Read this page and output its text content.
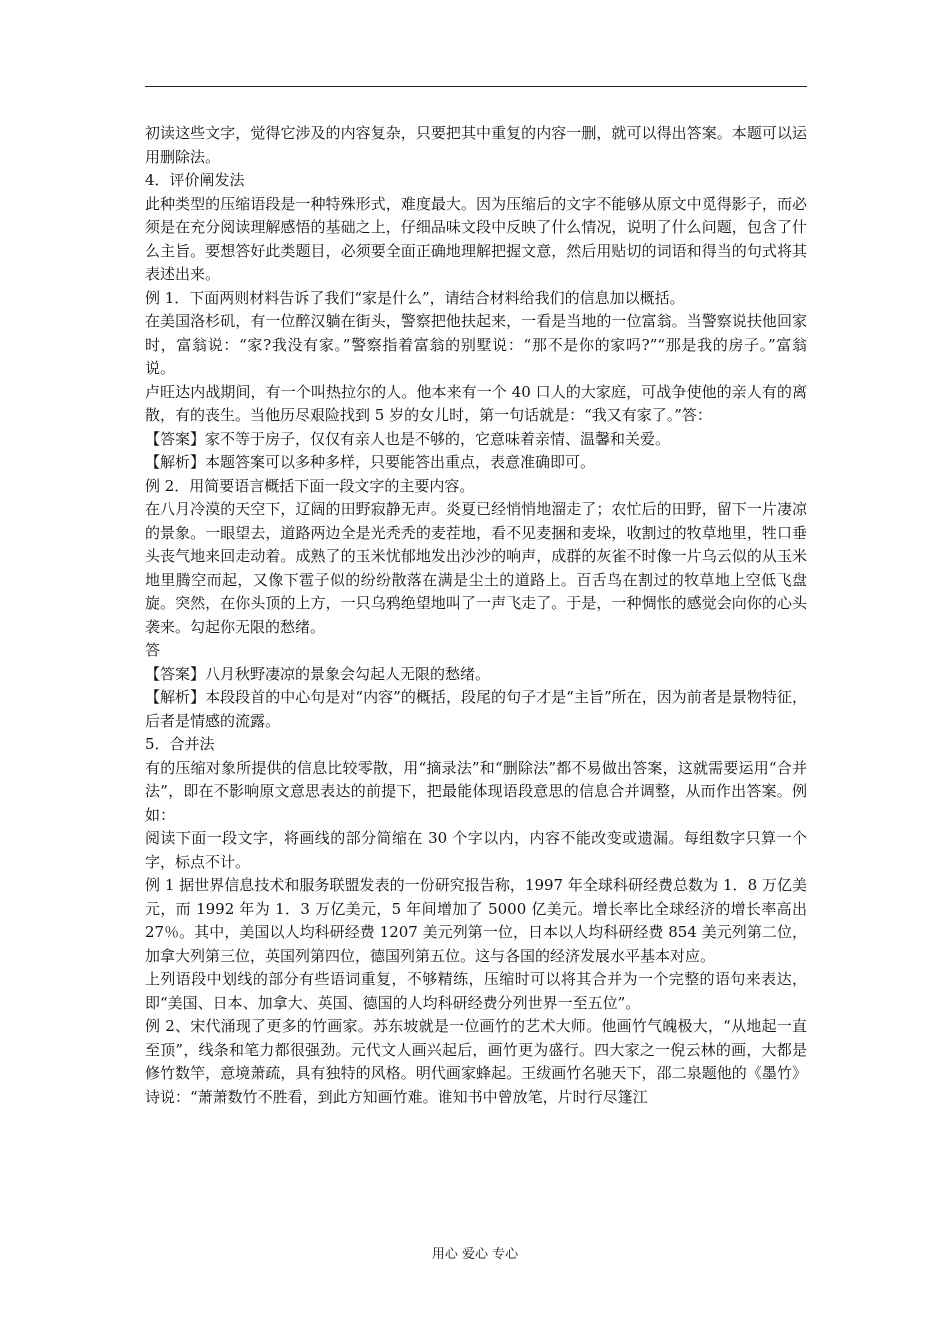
初读这些文字，觉得它涉及的内容复杂，只要把其中重复的内容一删，就可以得出答案。本题可以运用删除法。

4．评价阐发法

此种类型的压缩语段是一种特殊形式，难度最大。因为压缩后的文字不能够从原文中觅得影子，而必须是在充分阅读理解感悟的基础之上，仔细品味文段中反映了什么情况，说明了什么问题，包含了什么主旨。要想答好此类题目，必须要全面正确地理解把握文意，然后用贴切的词语和得当的句式将其表述出来。

例 1．下面两则材料告诉了我们“家是什么”，请结合材料给我们的信息加以概括。

在美国洛杉矶，有一位醉汉躺在街头，警察把他扶起来，一看是当地的一位富翁。当警察说扶他回家时，富翁说：“家?我没有家。”警察指着富翁的别墅说：“那不是你的家吗?”“那是我的房子。”富翁说。

卢旺达内战期间，有一个叫热拉尔的人。他本来有一个 40 口人的大家庭，可战争使他的亲人有的离散，有的丧生。当他历尽艰险找到 5 岁的女儿时，第一句话就是：“我又有家了。”答：

【答案】家不等于房子，仅仅有亲人也是不够的，它意味着亲情、温馨和关爱。

【解析】本题答案可以多种多样，只要能答出重点，表意准确即可。

例 2．用简要语言概括下面一段文字的主要内容。

在八月冷漠的天空下，辽阔的田野寂静无声。炎夏已经悄悄地溜走了；农忙后的田野，留下一片凄凉的景象。一眼望去，道路两边全是光秃秃的麦茬地，看不见麦捆和麦垛，收割过的牧草地里，牲口垂头丧气地来回走动着。成熟了的玉米忧郁地发出沙沙的响声，成群的灰雀不时像一片乌云似的从玉米地里腾空而起，又像下雹子似的纷纷散落在满是尘土的道路上。百舌鸟在割过的牧草地上空低飞盘旋。突然，在你头顶的上方，一只乌鸦绝望地叫了一声飞走了。于是，一种惆怅的感觉会向你的心头袭来。勾起你无限的愁绪。

答

【答案】八月秋野凄凉的景象会勾起人无限的愁绪。

【解析】本段段首的中心句是对“内容”的概括，段尾的句子才是“主旨”所在，因为前者是景物特征，后者是情感的流露。

5．合并法

有的压缩对象所提供的信息比较零散，用“摘录法”和“删除法”都不易做出答案，这就需要运用“合并法”，即在不影响原文意思表达的前提下，把最能体现语段意思的信息合并调整，从而作出答案。例如：

阅读下面一段文字，将画线的部分简缩在 30 个字以内，内容不能改变或遗漏。每组数字只算一个字，标点不计。

例 1 据世界信息技术和服务联盟发表的一份研究报告称，1997 年全球科研经费总数为 1．8 万亿美元，而 1992 年为 1．3 万亿美元，5 年间增加了 5000 亿美元。增长率比全球经济的增长率高出 27％。其中，美国以人均科研经费 1207 美元列第一位，日本以人均科研经费 854 美元列第二位，加拿大列第三位，英国列第四位，德国列第五位。这与各国的经济发展水平基本对应。

上列语段中划线的部分有些语词重复，不够精练，压缩时可以将其合并为一个完整的语句来表达，即“美国、日本、加拿大、英国、德国的人均科研经费分列世界一至五位”。

例 2、宋代涌现了更多的竹画家。苏东坡就是一位画竹的艺术大师。他画竹气魄极大，“从地起一直至顶”，线条和笔力都很强劲。元代文人画兴起后，画竹更为盛行。四大家之一倪云林的画，大都是修竹数竿，意境萧疏，具有独特的风格。明代画家蜂起。王绂画竹名驰天下，邵二泉题他的《墨竹》诗说：“萧萧数竹不胜看，到此方知画竹难。谁知书中曾放笔，片时行尽篷江

用心 爱心 专心
